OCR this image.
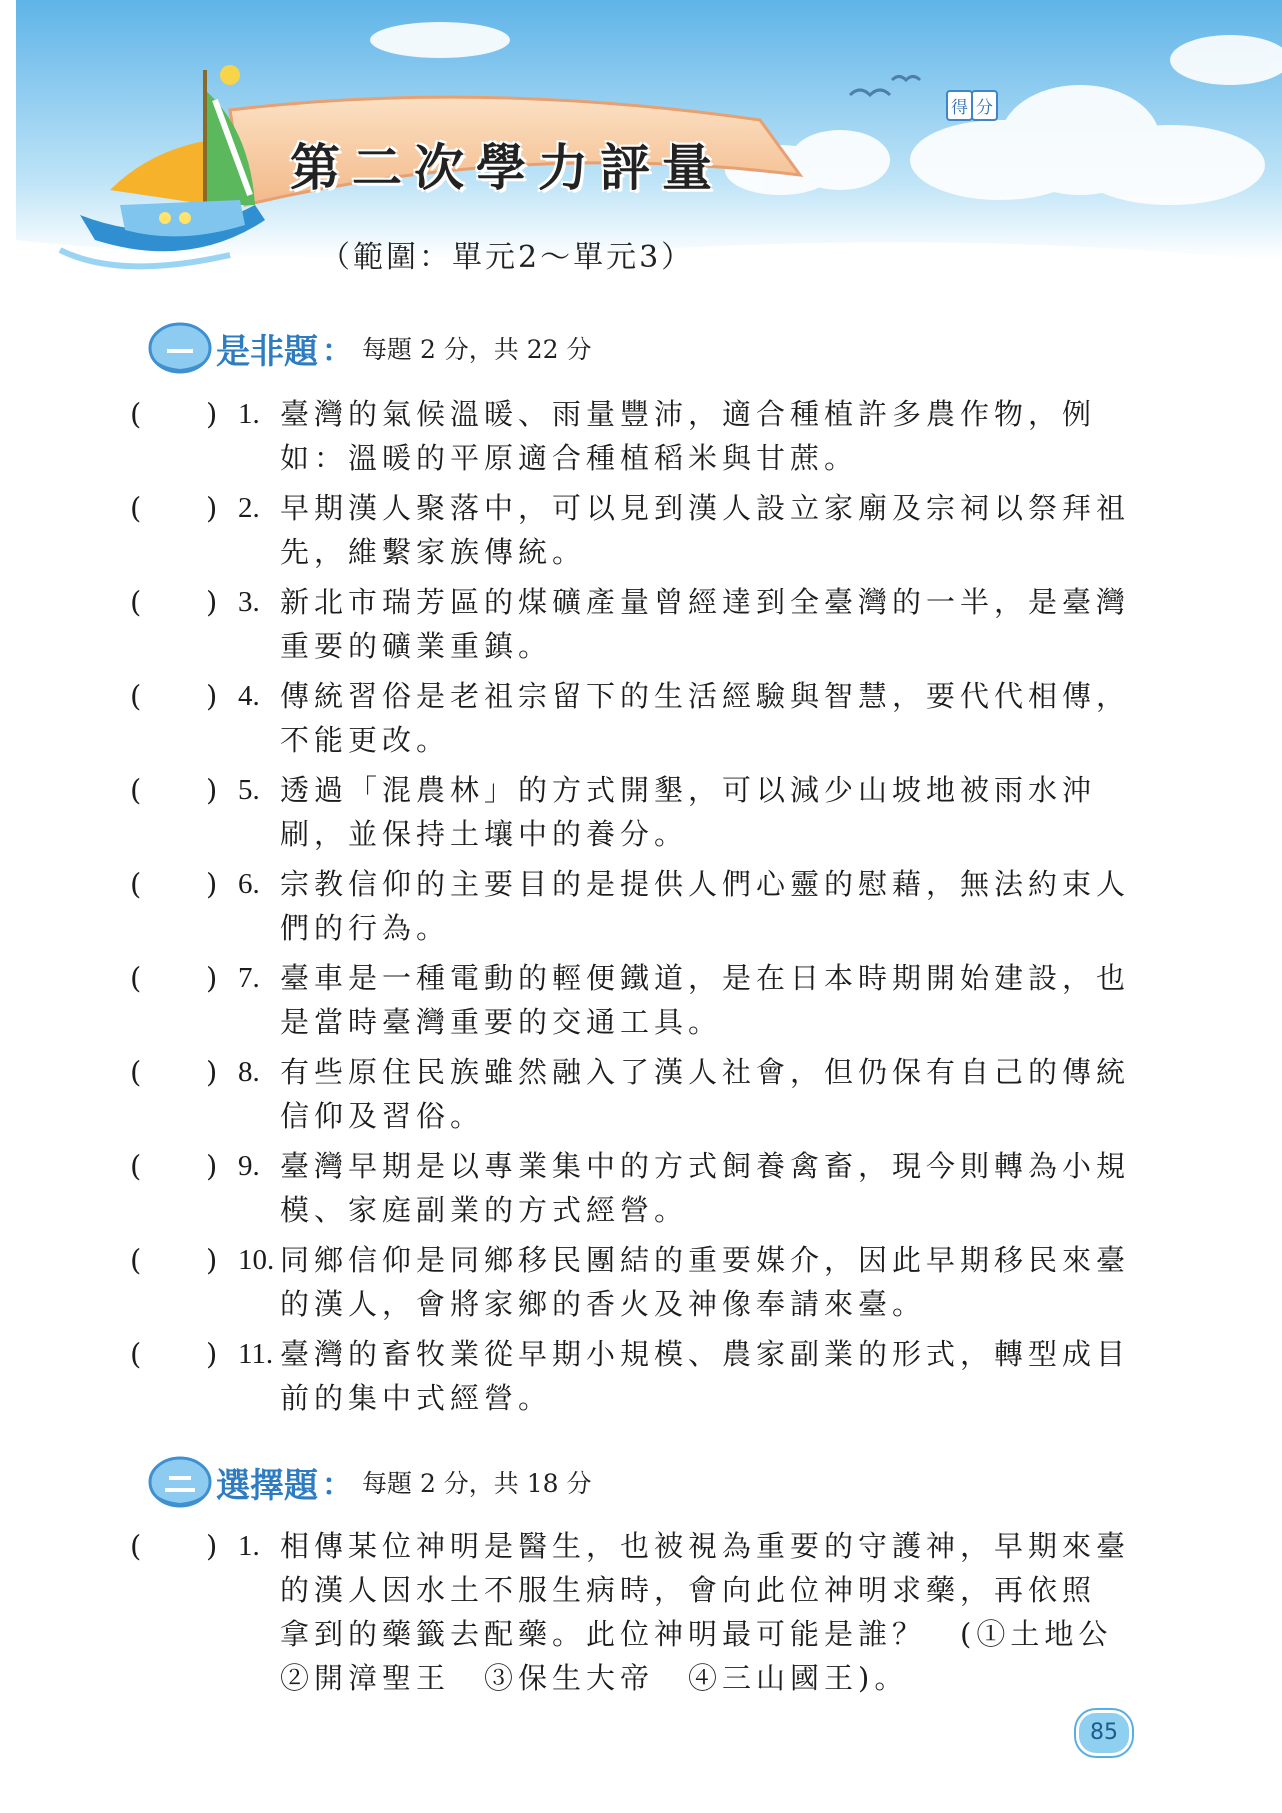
第二次學力評量
（範圍：單元2～單元3）
得 分
是非題 ： 每題 2 分，共 22 分
( ) 1. 臺灣的氣候溫暖、雨量豐沛，適合種植許多農作物，例
如：溫暖的平原適合種植稻米與甘蔗。
( ) 2. 早期漢人聚落中，可以見到漢人設立家廟及宗祠以祭拜祖
先，維繫家族傳統。
( ) 3. 新北市瑞芳區的煤礦產量曾經達到全臺灣的一半，是臺灣
重要的礦業重鎮。
( ) 4. 傳統習俗是老祖宗留下的生活經驗與智慧，要代代相傳，
不能更改。
( ) 5. 透過「混農林」的方式開墾，可以減少山坡地被雨水沖
刷，並保持土壤中的養分。
( ) 6. 宗教信仰的主要目的是提供人們心靈的慰藉，無法約束人
們的行為。
( ) 7. 臺車是一種電動的輕便鐵道，是在日本時期開始建設，也
是當時臺灣重要的交通工具。
( ) 8. 有些原住民族雖然融入了漢人社會，但仍保有自己的傳統
信仰及習俗。
( ) 9. 臺灣早期是以專業集中的方式飼養禽畜，現今則轉為小規
模、家庭副業的方式經營。
( ) 10. 同鄉信仰是同鄉移民團結的重要媒介，因此早期移民來臺
的漢人，會將家鄉的香火及神像奉請來臺。
( ) 11. 臺灣的畜牧業從早期小規模、農家副業的形式，轉型成目
前的集中式經營。
選擇題 ： 每題 2 分，共 18 分
( ) 1. 相傳某位神明是醫生，也被視為重要的守護神，早期來臺
的漢人因水土不服生病時，會向此位神明求藥，再依照
拿到的藥籤去配藥。此位神明最可能是誰？　(①土地公
②開漳聖王　③保生大帝　④三山國王)。
85
